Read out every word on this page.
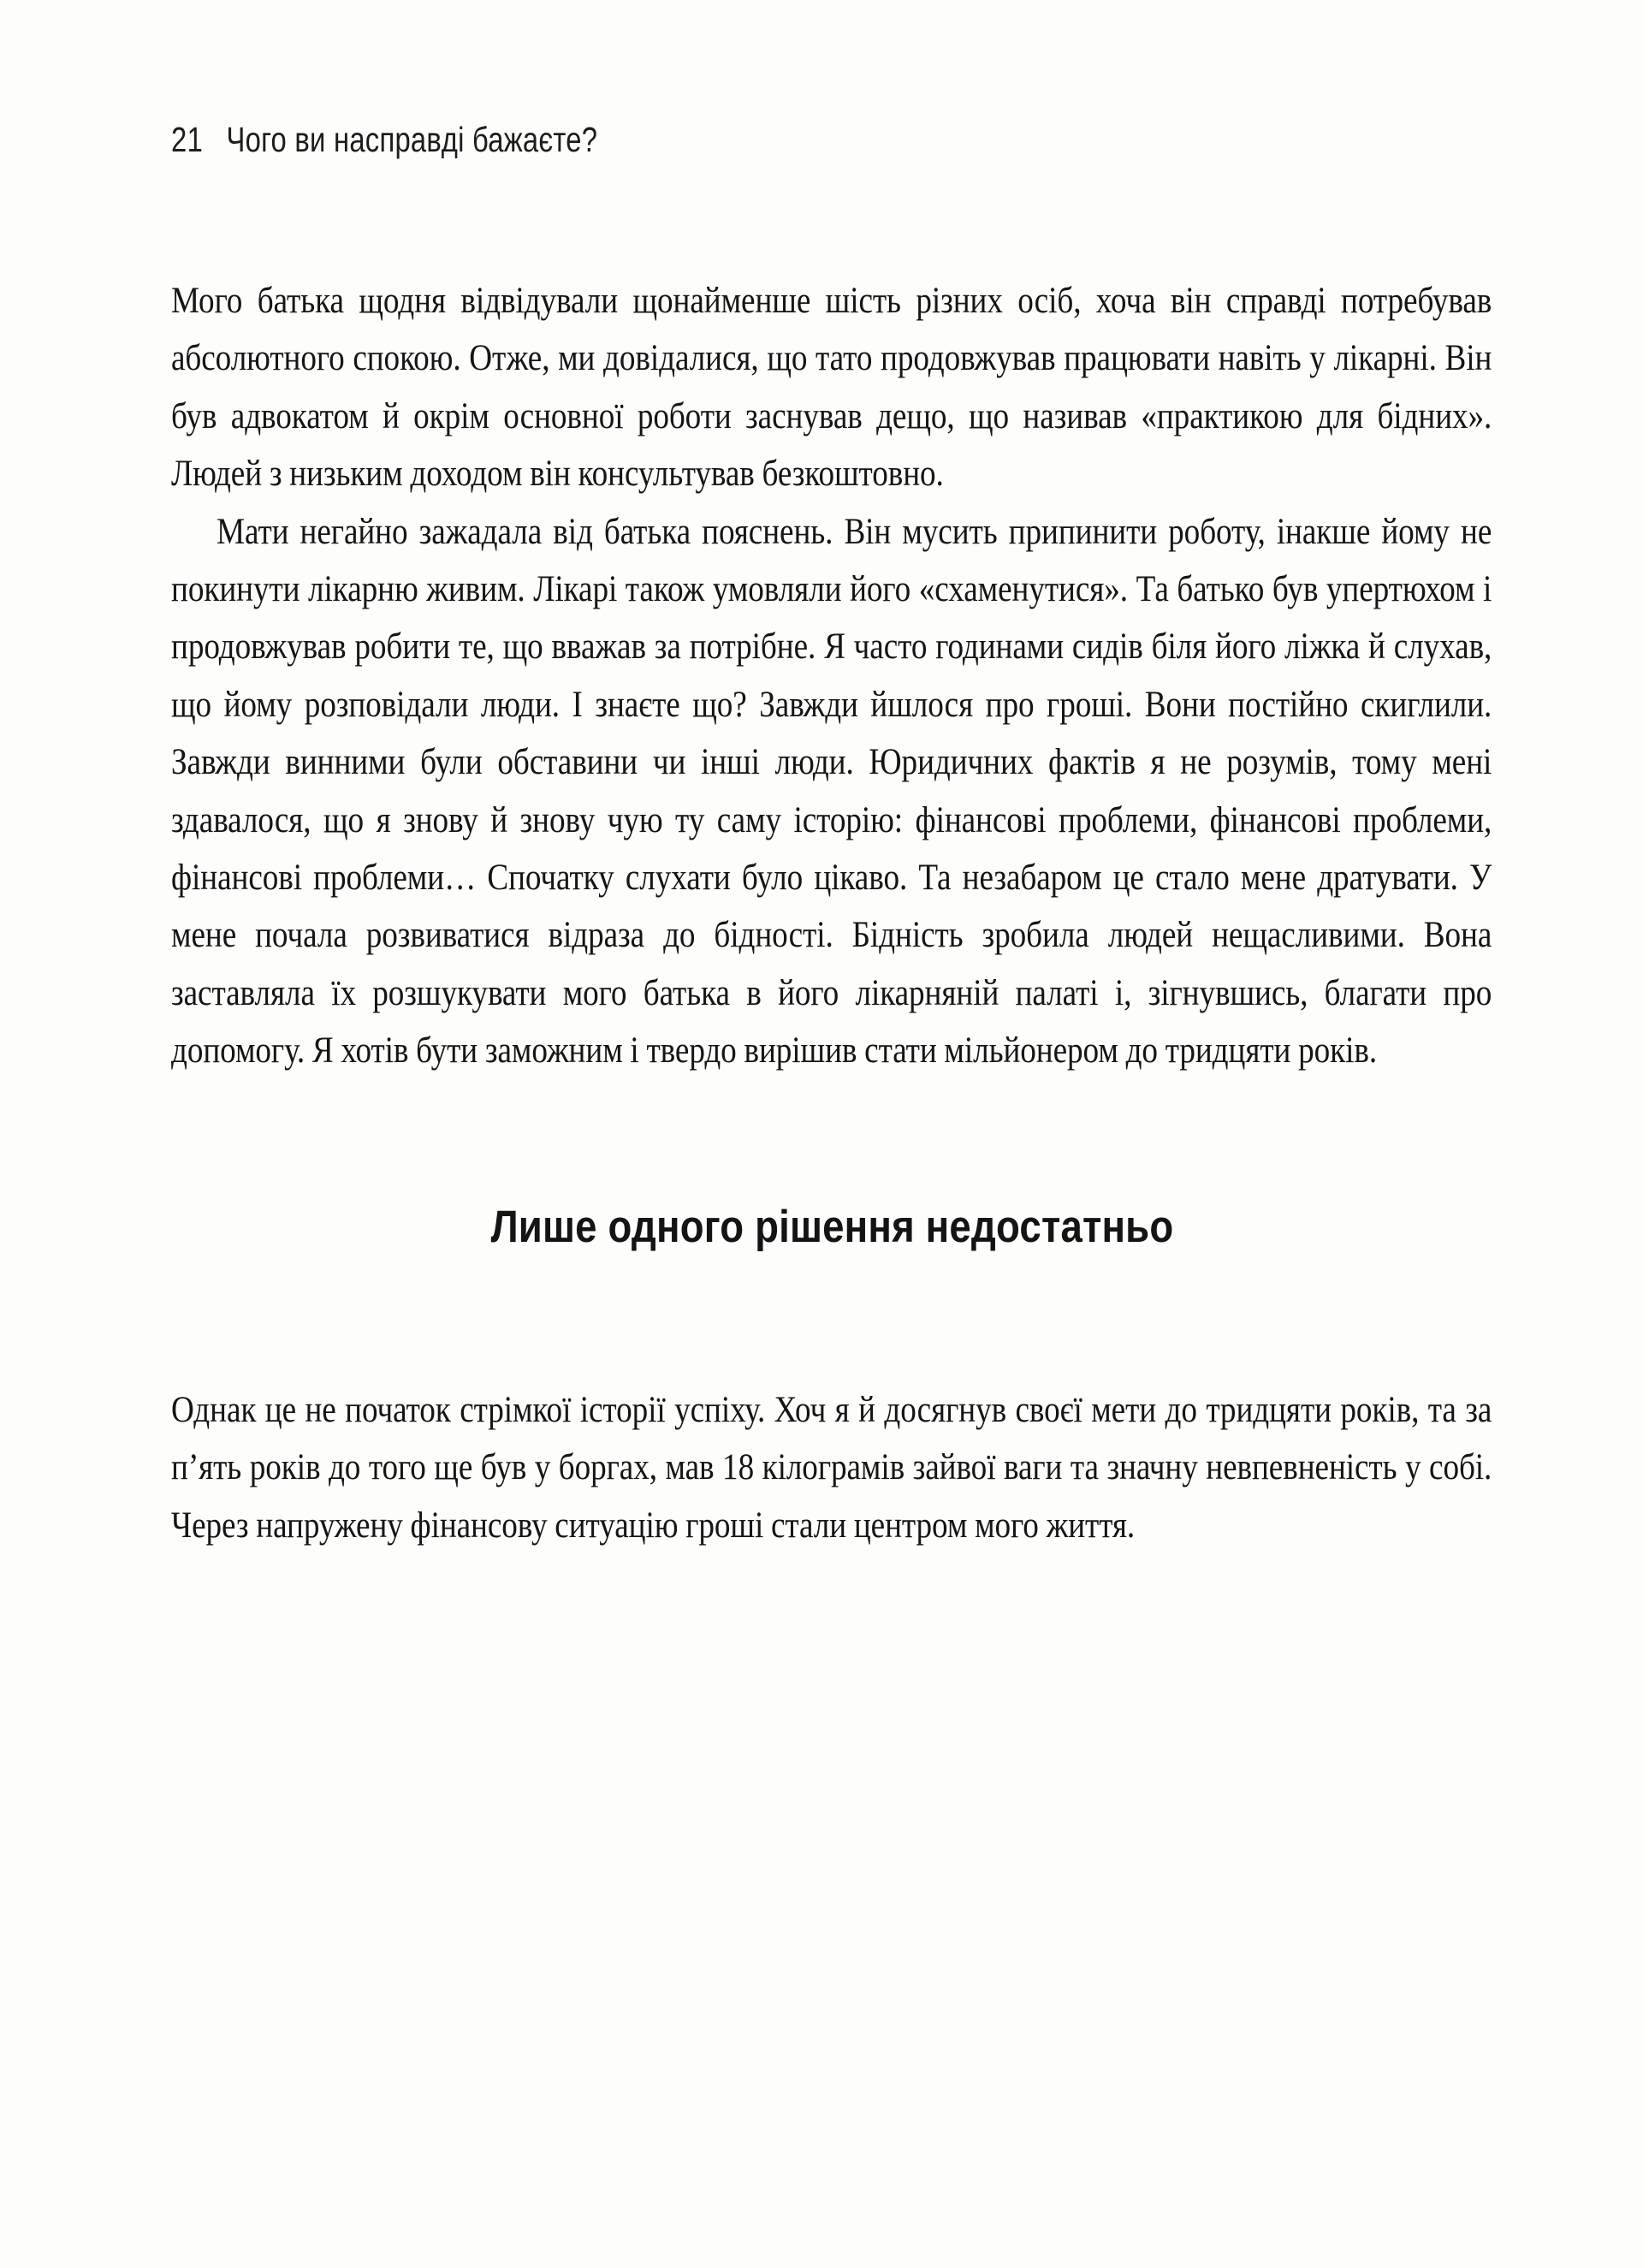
21 Чого ви насправді бажаєте?

Мого батька щодня відвідували щонайменше шість різних осіб, хоча він справді потребував абсолютного спокою. Отже, ми довідалися, що тато продовжував працювати навіть у лікарні. Він був адвокатом й окрім основної роботи заснував дещо, що називав «практикою для бідних». Людей з низьким доходом він консультував безкоштовно.

Мати негайно зажадала від батька пояснень. Він мусить припинити роботу, інакше йому не покинути лікарню живим. Лікарі також умовляли його «схаменутися». Та батько був упертюхом і продовжував робити те, що вважав за потрібне. Я часто годинами сидів біля його ліжка й слухав, що йому розповідали люди. І знаєте що? Завжди йшлося про гроші. Вони постійно скиглили. Завжди винними були обставини чи інші люди. Юридичних фактів я не розумів, тому мені здавалося, що я знову й знову чую ту саму історію: фінансові проблеми, фінансові проблеми, фінансові проблеми… Спочатку слухати було цікаво. Та незабаром це стало мене дратувати. У мене почала розвиватися відраза до бідності. Бідність зробила людей нещасливими. Вона заставляла їх розшукувати мого батька в його лікарняній палаті і, зігнувшись, благати про допомогу. Я хотів бути заможним і твердо вирішив стати мільйонером до тридцяти років.

Лише одного рішення недостатньо

Однак це не початок стрімкої історії успіху. Хоч я й досягнув своєї мети до тридцяти років, та за п’ять років до того ще був у боргах, мав 18 кілограмів зайвої ваги та значну невпевненість у собі. Через напружену фінансову ситуацію гроші стали центром мого життя.
